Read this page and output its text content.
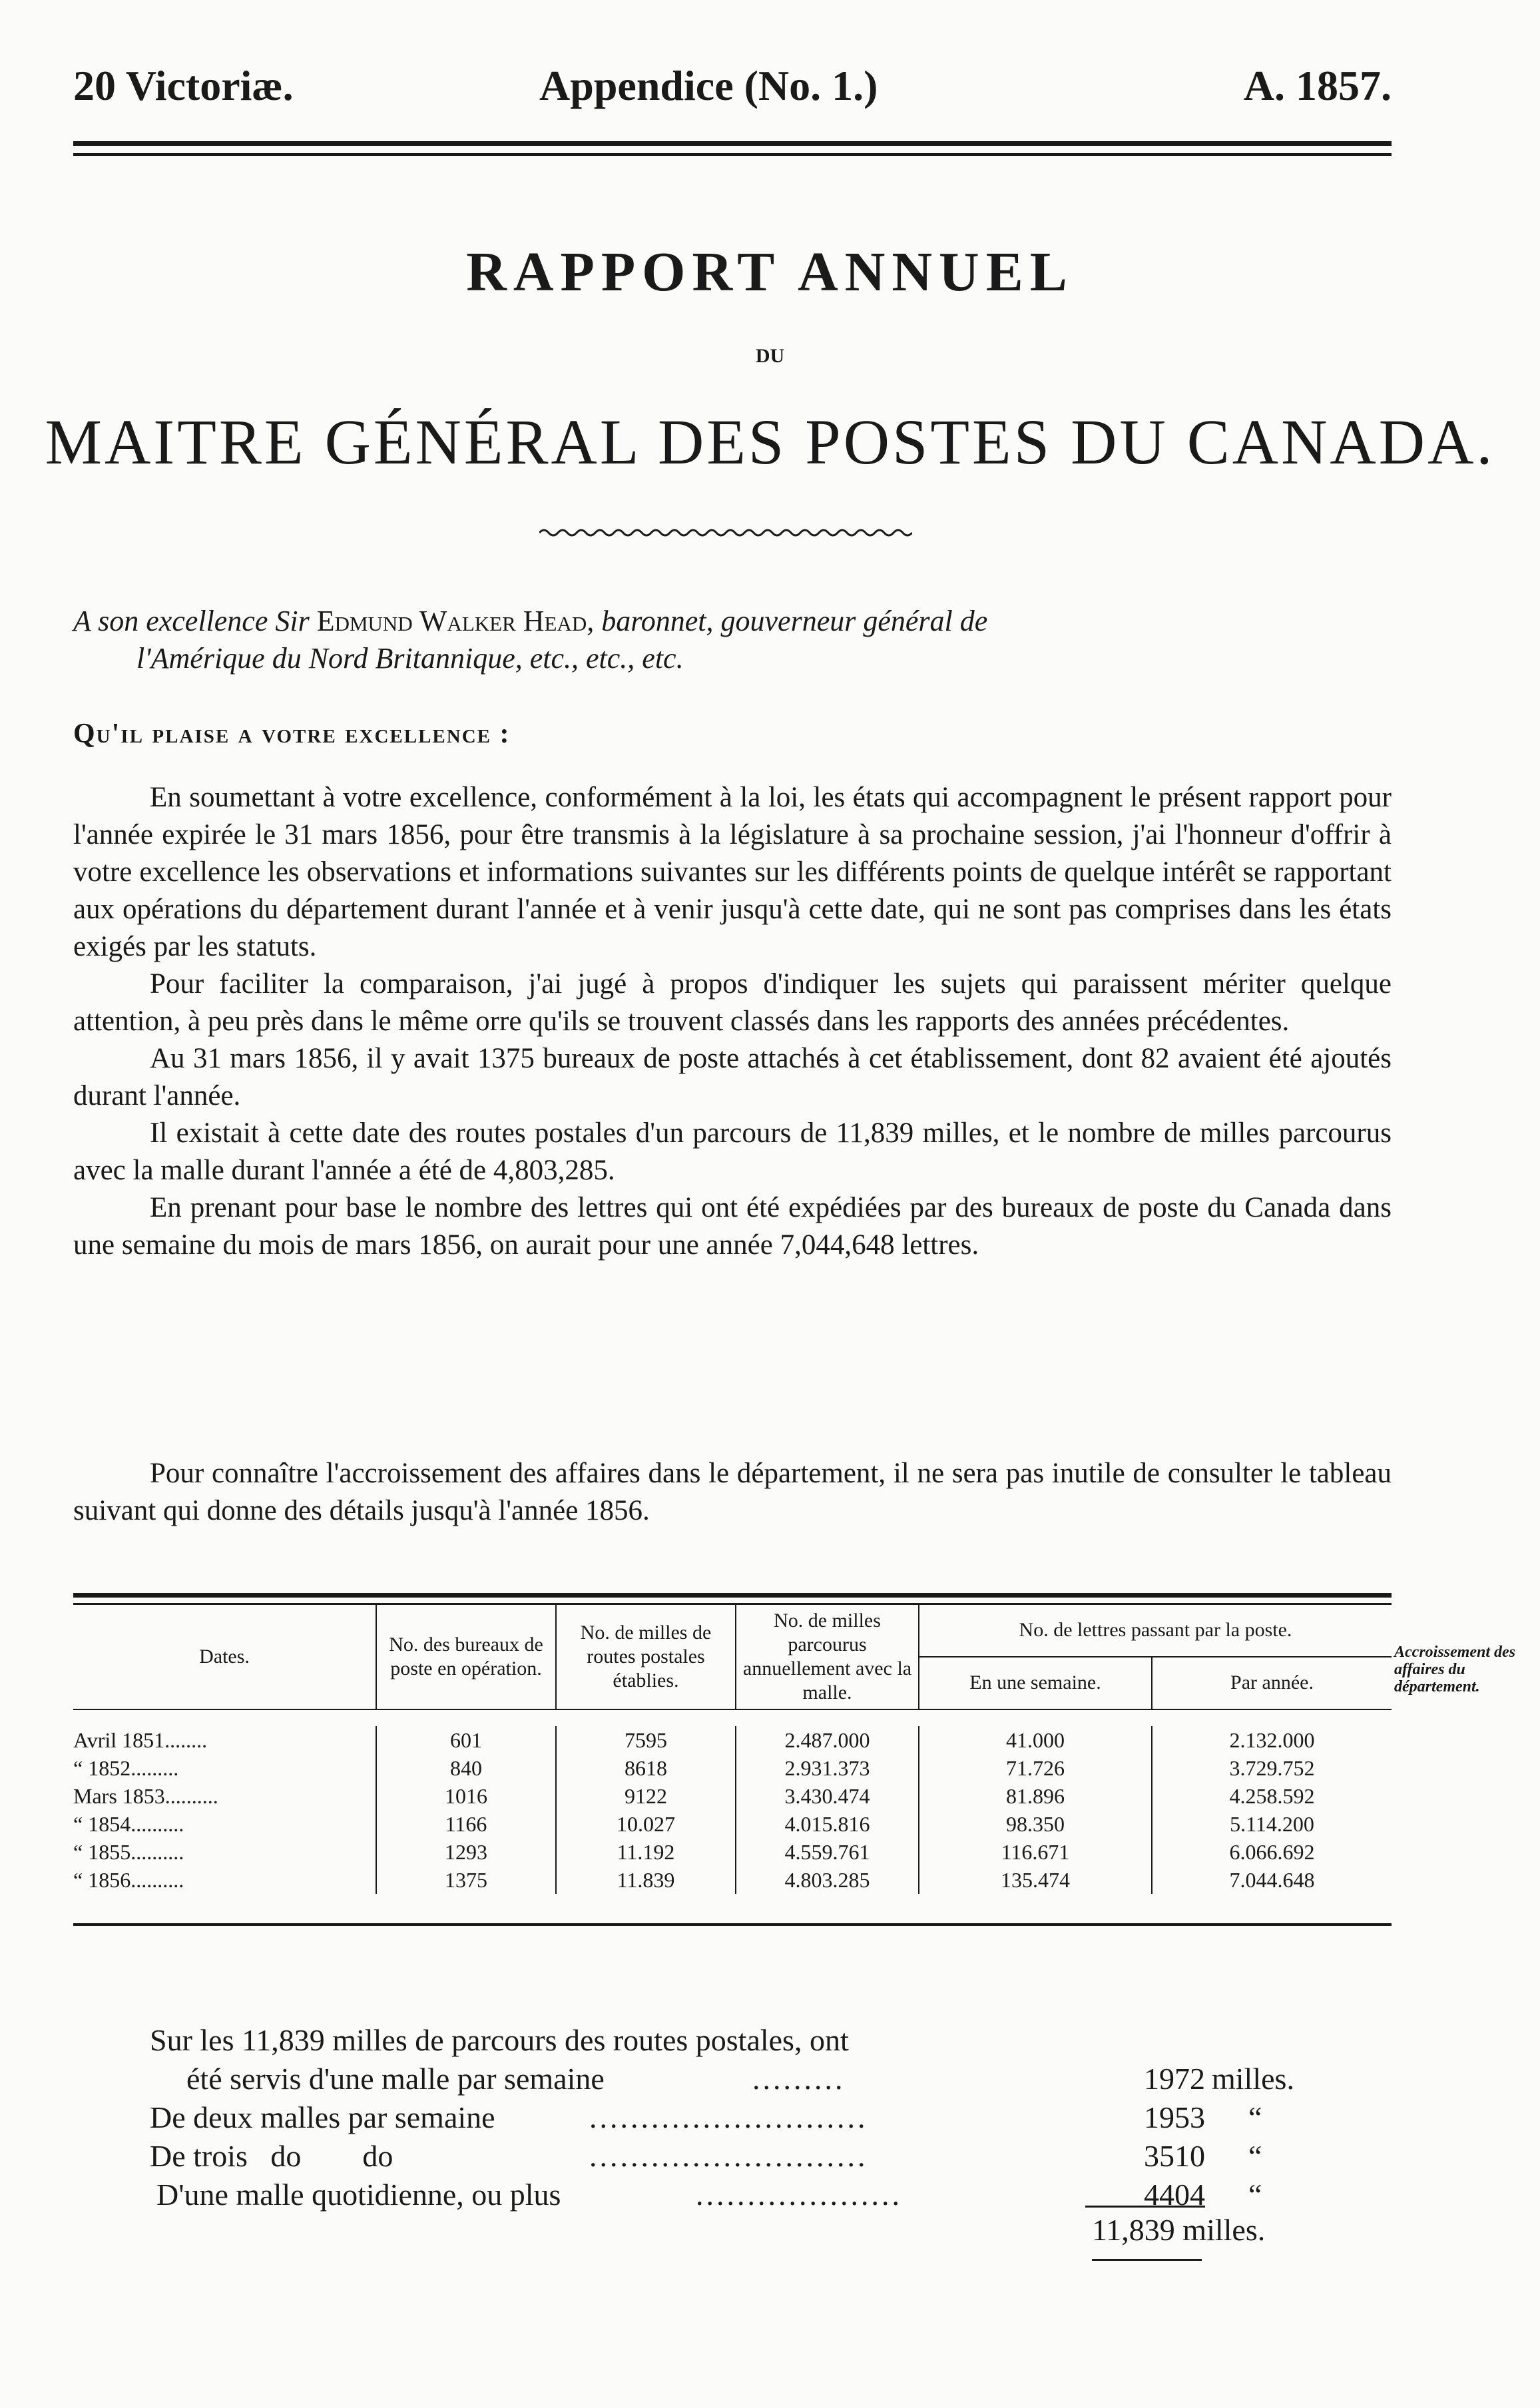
20 Victoriæ.	Appendice (No. 1.)	A. 1857.
RAPPORT ANNUEL
DU
MAITRE GÉNÉRAL DES POSTES DU CANADA.
A son excellence Sir Edmund Walker Head, baronnet, gouverneur général de
l'Amérique du Nord Britannique, etc., etc., etc.
Qu'il plaise a votre excellence :

En soumettant à votre excellence, conformément à la loi, les états qui accompagnent le présent rapport pour l'année expirée le 31 mars 1856, pour être transmis à la législature à sa prochaine session, j'ai l'honneur d'offrir à votre excellence les observations et informations suivantes sur les différents points de quelque intérêt se rapportant aux opérations du département durant l'année et à venir jusqu'à cette date, qui ne sont pas comprises dans les états exigés par les statuts.

Pour faciliter la comparaison, j'ai jugé à propos d'indiquer les sujets qui paraissent mériter quelque attention, à peu près dans le même orre qu'ils se trouvent classés dans les rapports des années précédentes.

Au 31 mars 1856, il y avait 1375 bureaux de poste attachés à cet établissement, dont 82 avaient été ajoutés durant l'année.

Il existait à cette date des routes postales d'un parcours de 11,839 milles, et le nombre de milles parcourus avec la malle durant l'année a été de 4,803,285.

En prenant pour base le nombre des lettres qui ont été expédiées par des bureaux de poste du Canada dans une semaine du mois de mars 1856, on aurait pour une année 7,044,648 lettres.

Pour connaître l'accroissement des affaires dans le département, il ne sera pas inutile de consulter le tableau suivant qui donne des détails jusqu'à l'année 1856.

Dates.	No. des bureaux de poste en opération.	No. de milles de routes postales établies.	No. de milles parcourus annuellement avec la malle.	No. de lettres passant par la poste.	
				En une semaine.	Par année.

Avril 1851........	601	7595	2.487.000	41.000	2.132.000
“ 1852.........	840	8618	2.931.373	71.726	3.729.752
Mars 1853..........	1016	9122	3.430.474	81.896	4.258.592
“ 1854..........	1166	10.027	4.015.816	98.350	5.114.200
“ 1855..........	1293	11.192	4.559.761	116.671	6.066.692
“ 1856..........	1375	11.839	4.803.285	135.474	7.044.648

Accroissement des affaires du département.
Sur les 11,839 milles de parcours des routes postales, ont
été servis d'une malle par semaine	.........	1972 milles.
De deux malles par semaine	...........................	1953 “
De trois   do        do	...........................	3510 “
D'une malle quotidienne, ou plus	....................	4404 “
11,839 milles.
